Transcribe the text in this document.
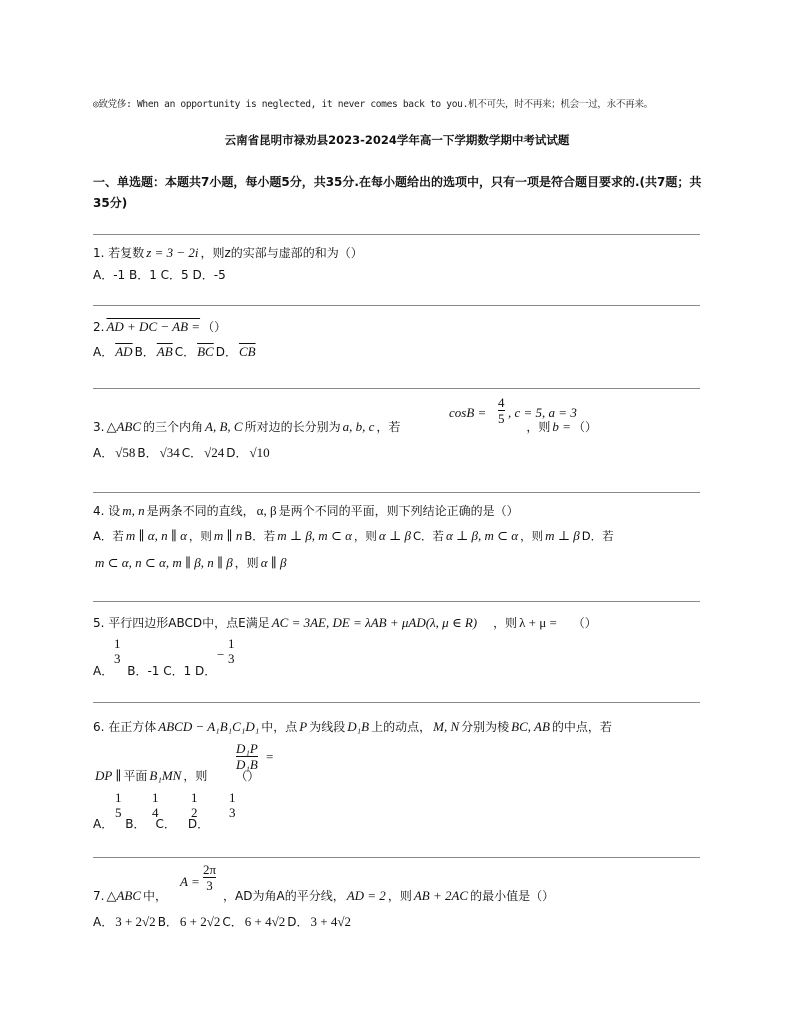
◎致党侈: When an opportunity is neglected, it never comes back to you.机不可失，时不再来；机会一过，永不再来。
云南省昆明市禄劝县2023-2024学年高一下学期数学期中考试试题
一、单选题：本题共7小题，每小题5分，共35分.在每小题给出的选项中，只有一项是符合题目要求的.(共7题；共35分)
1. 若复数 z = 3 − 2i ，则z的实部与虚部的和为（）
A．-1 B．1 C．5 D．-5
2. AD + DC − AB = （）
A． $\overline{AD}$ B． $\overline{AB}$ C． $\overline{BC}$ D． $\overline{CB}$
3. △ABC 的三个内角 A, B, C 所对边的长分别为 a, b, c ，若	，则 b = （）
cosB =
4
5 , c = 5, a = 3
A． √58 B． √34 C． √24 D． √10
4. 设 m, n 是两条不同的直线， α, β 是两个不同的平面，则下列结论正确的是（）
A．若 m ∥ α, n ∥ α ，则 m ∥ n B．若 m ⊥ β, m ⊂ α ，则 α ⊥ β C．若 α ⊥ β, m ⊂ α ，则 m ⊥ β D．若
m ⊂ α, n ⊂ α, m ∥ β, n ∥ β ，则 α ∥ β
5. 平行四边形ABCD中，点E满足 AC = 3AE, DE = λAB + μAD(λ, μ ∈ R) ，则 λ + μ = （）
1
3	−
1
3
A． B．-1 C．1 D．
6. 在正方体 ABCD − A₁B₁C₁D₁ 中，点 P 为线段 D₁B 上的动点， M, N 分别为棱 BC, AB 的中点，若
D₁P
D₁B
=
DP ∥ 平面 B₁MN ，则 （）
1
5
1
4
1
2
1
3
A． B． C． D．
7. △ABC 中，	，AD为角A的平分线， AD = 2 ，则 AB + 2AC 的最小值是（）
A =
2π
3
A． 3 + 2√2 B． 6 + 2√2 C． 6 + 4√2 D． 3 + 4√2
